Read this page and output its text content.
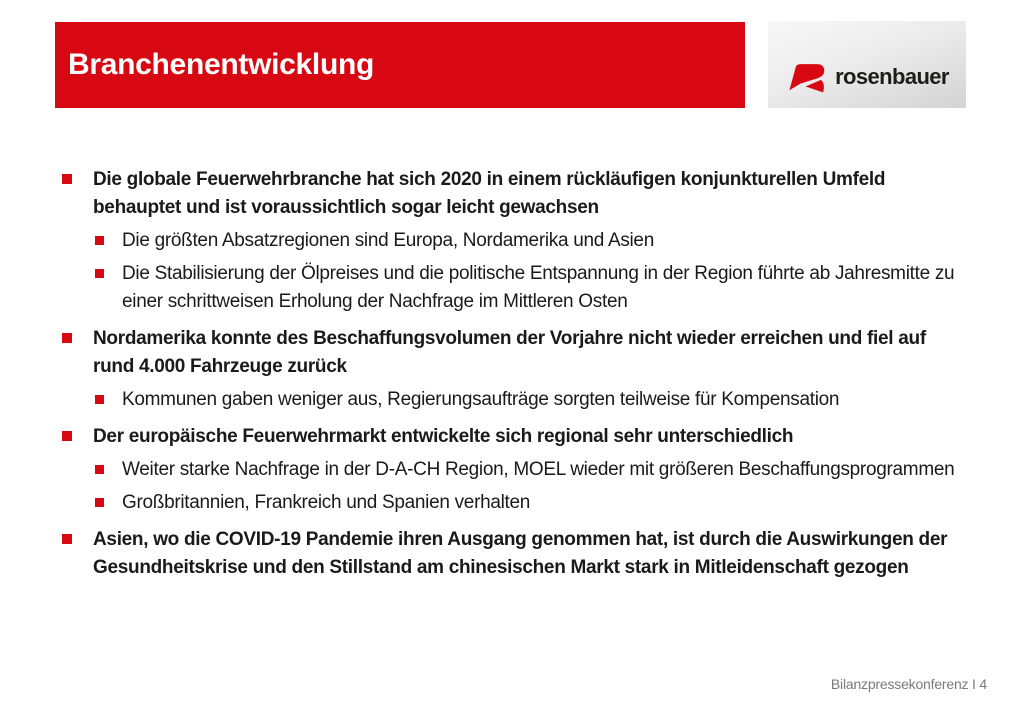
Branchenentwicklung	rosenbauer
Die globale Feuerwehrbranche hat sich 2020 in einem rückläufigen konjunkturellen Umfeld behauptet und ist voraussichtlich sogar leicht gewachsen
Die größten Absatzregionen sind Europa, Nordamerika und Asien
Die Stabilisierung der Ölpreises und die politische Entspannung in der Region führte ab Jahresmitte zu einer schrittweisen Erholung der Nachfrage im Mittleren Osten
Nordamerika konnte des Beschaffungsvolumen der Vorjahre nicht wieder erreichen und fiel auf rund 4.000 Fahrzeuge zurück
Kommunen gaben weniger aus, Regierungsaufträge sorgten teilweise für Kompensation
Der europäische Feuerwehrmarkt entwickelte sich regional sehr unterschiedlich
Weiter starke Nachfrage in der D-A-CH Region, MOEL wieder mit größeren Beschaffungsprogrammen
Großbritannien, Frankreich und Spanien verhalten
Asien, wo die COVID-19 Pandemie ihren Ausgang genommen hat, ist durch die Auswirkungen der Gesundheitskrise und den Stillstand am chinesischen Markt stark in Mitleidenschaft gezogen
Bilanzpressekonferenz I 4
